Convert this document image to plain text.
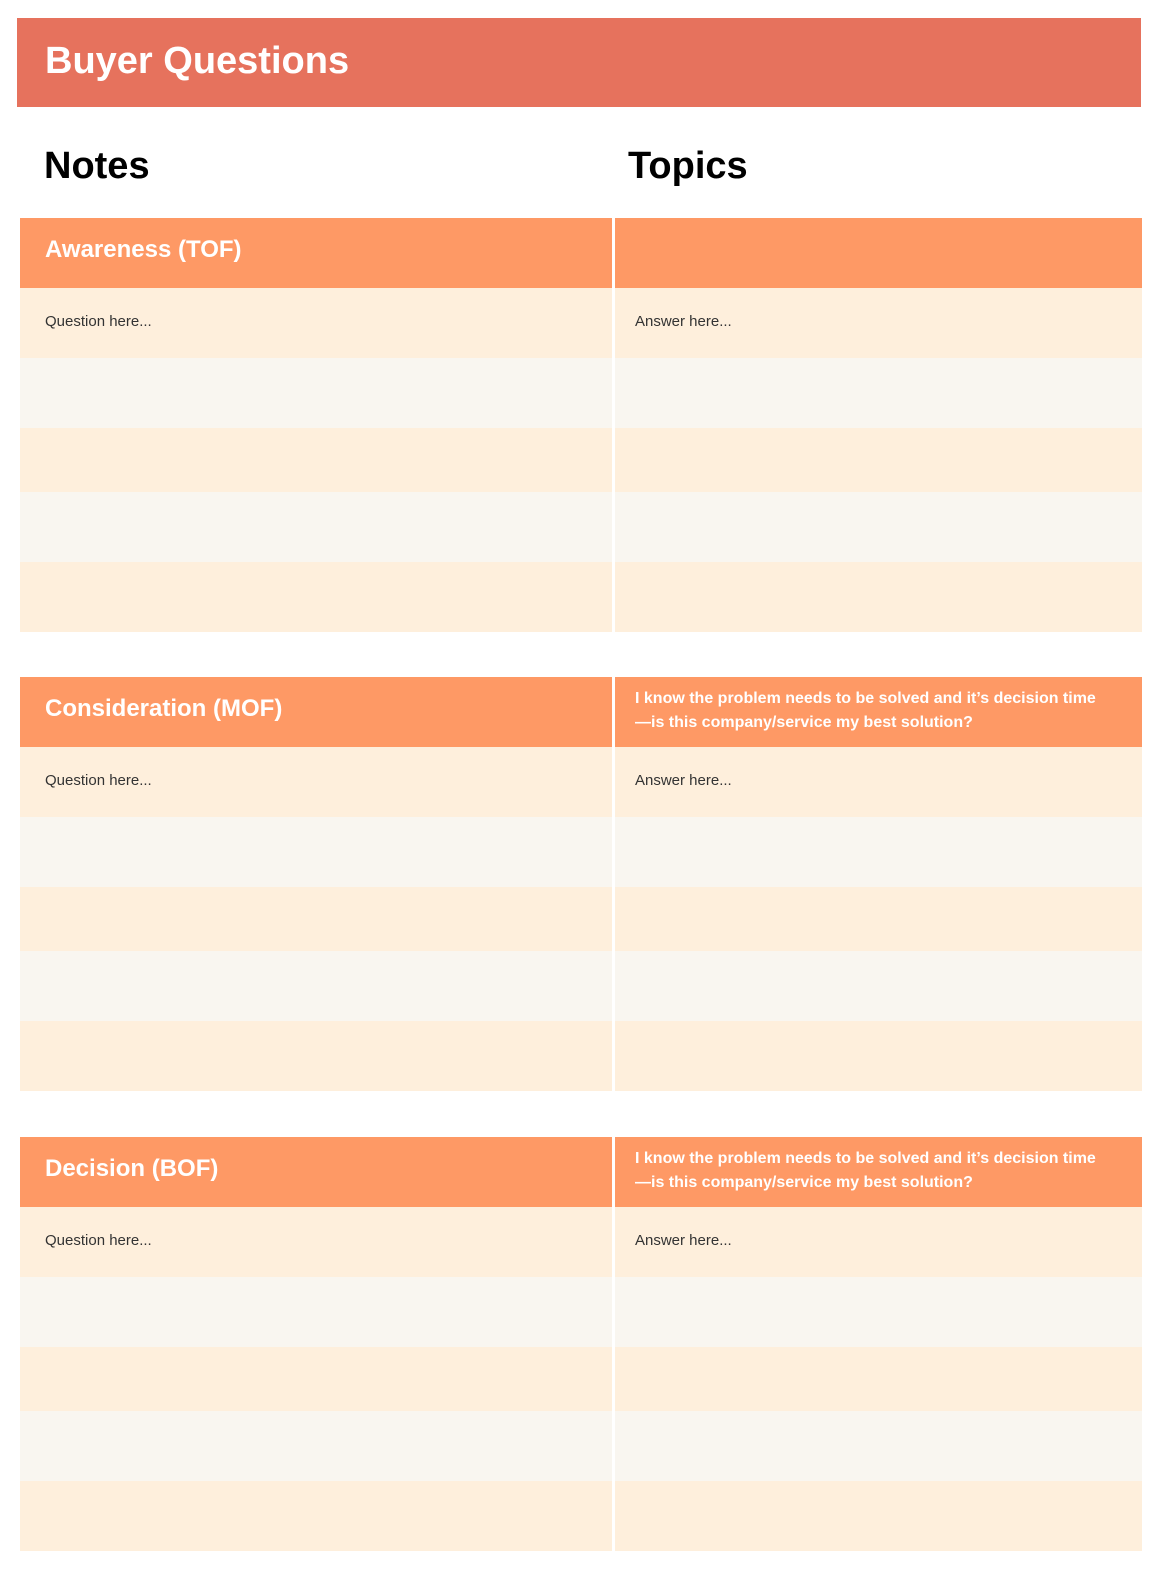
Buyer Questions
Notes	Topics
Awareness (TOF)
Question here...	Answer here...
Consideration (MOF)	I know the problem needs to be solved and it’s decision time —is this company/service my best solution?
Question here...	Answer here...
Decision (BOF)	I know the problem needs to be solved and it’s decision time —is this company/service my best solution?
Question here...	Answer here...
